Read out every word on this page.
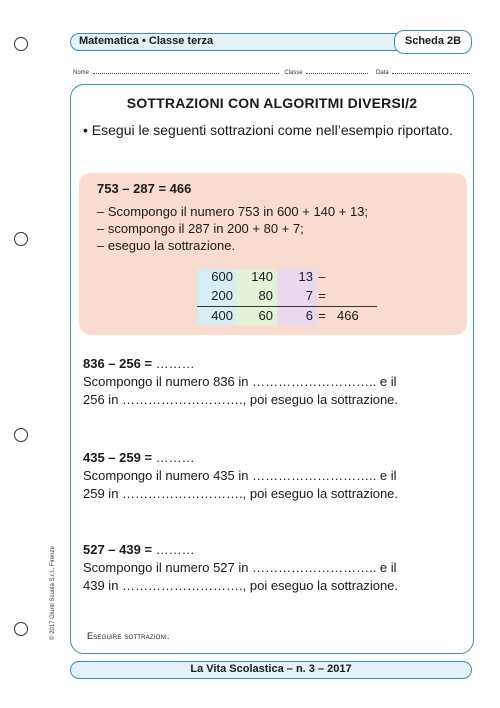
Matematica • Classe terza	Scheda 2B
Nome	Classe	Data
SOTTRAZIONI CON ALGORITMI DIVERSI/2
• Esegui le seguenti sottrazioni come nell’esempio riportato.
753 – 287 = 466
– Scompongo il numero 753 in 600 + 140 + 13;
– scompongo il 287 in 200 + 80 + 7;
– eseguo la sottrazione.
600	140	13 –
200	80	7 =
400	60	6 = 466
836 – 256 = ………
Scompongo il numero 836 in ……………………….. e il
256 in ………………………., poi eseguo la sottrazione.
435 – 259 = ………
Scompongo il numero 435 in ……………………….. e il
259 in ………………………., poi eseguo la sottrazione.
527 – 439 = ………
Scompongo il numero 527 in ……………………….. e il
439 in ………………………., poi eseguo la sottrazione.
Eseguire sottrazioni.
© 2017 Giunti Scuola S.r.l., Firenze
La Vita Scolastica – n. 3 – 2017
